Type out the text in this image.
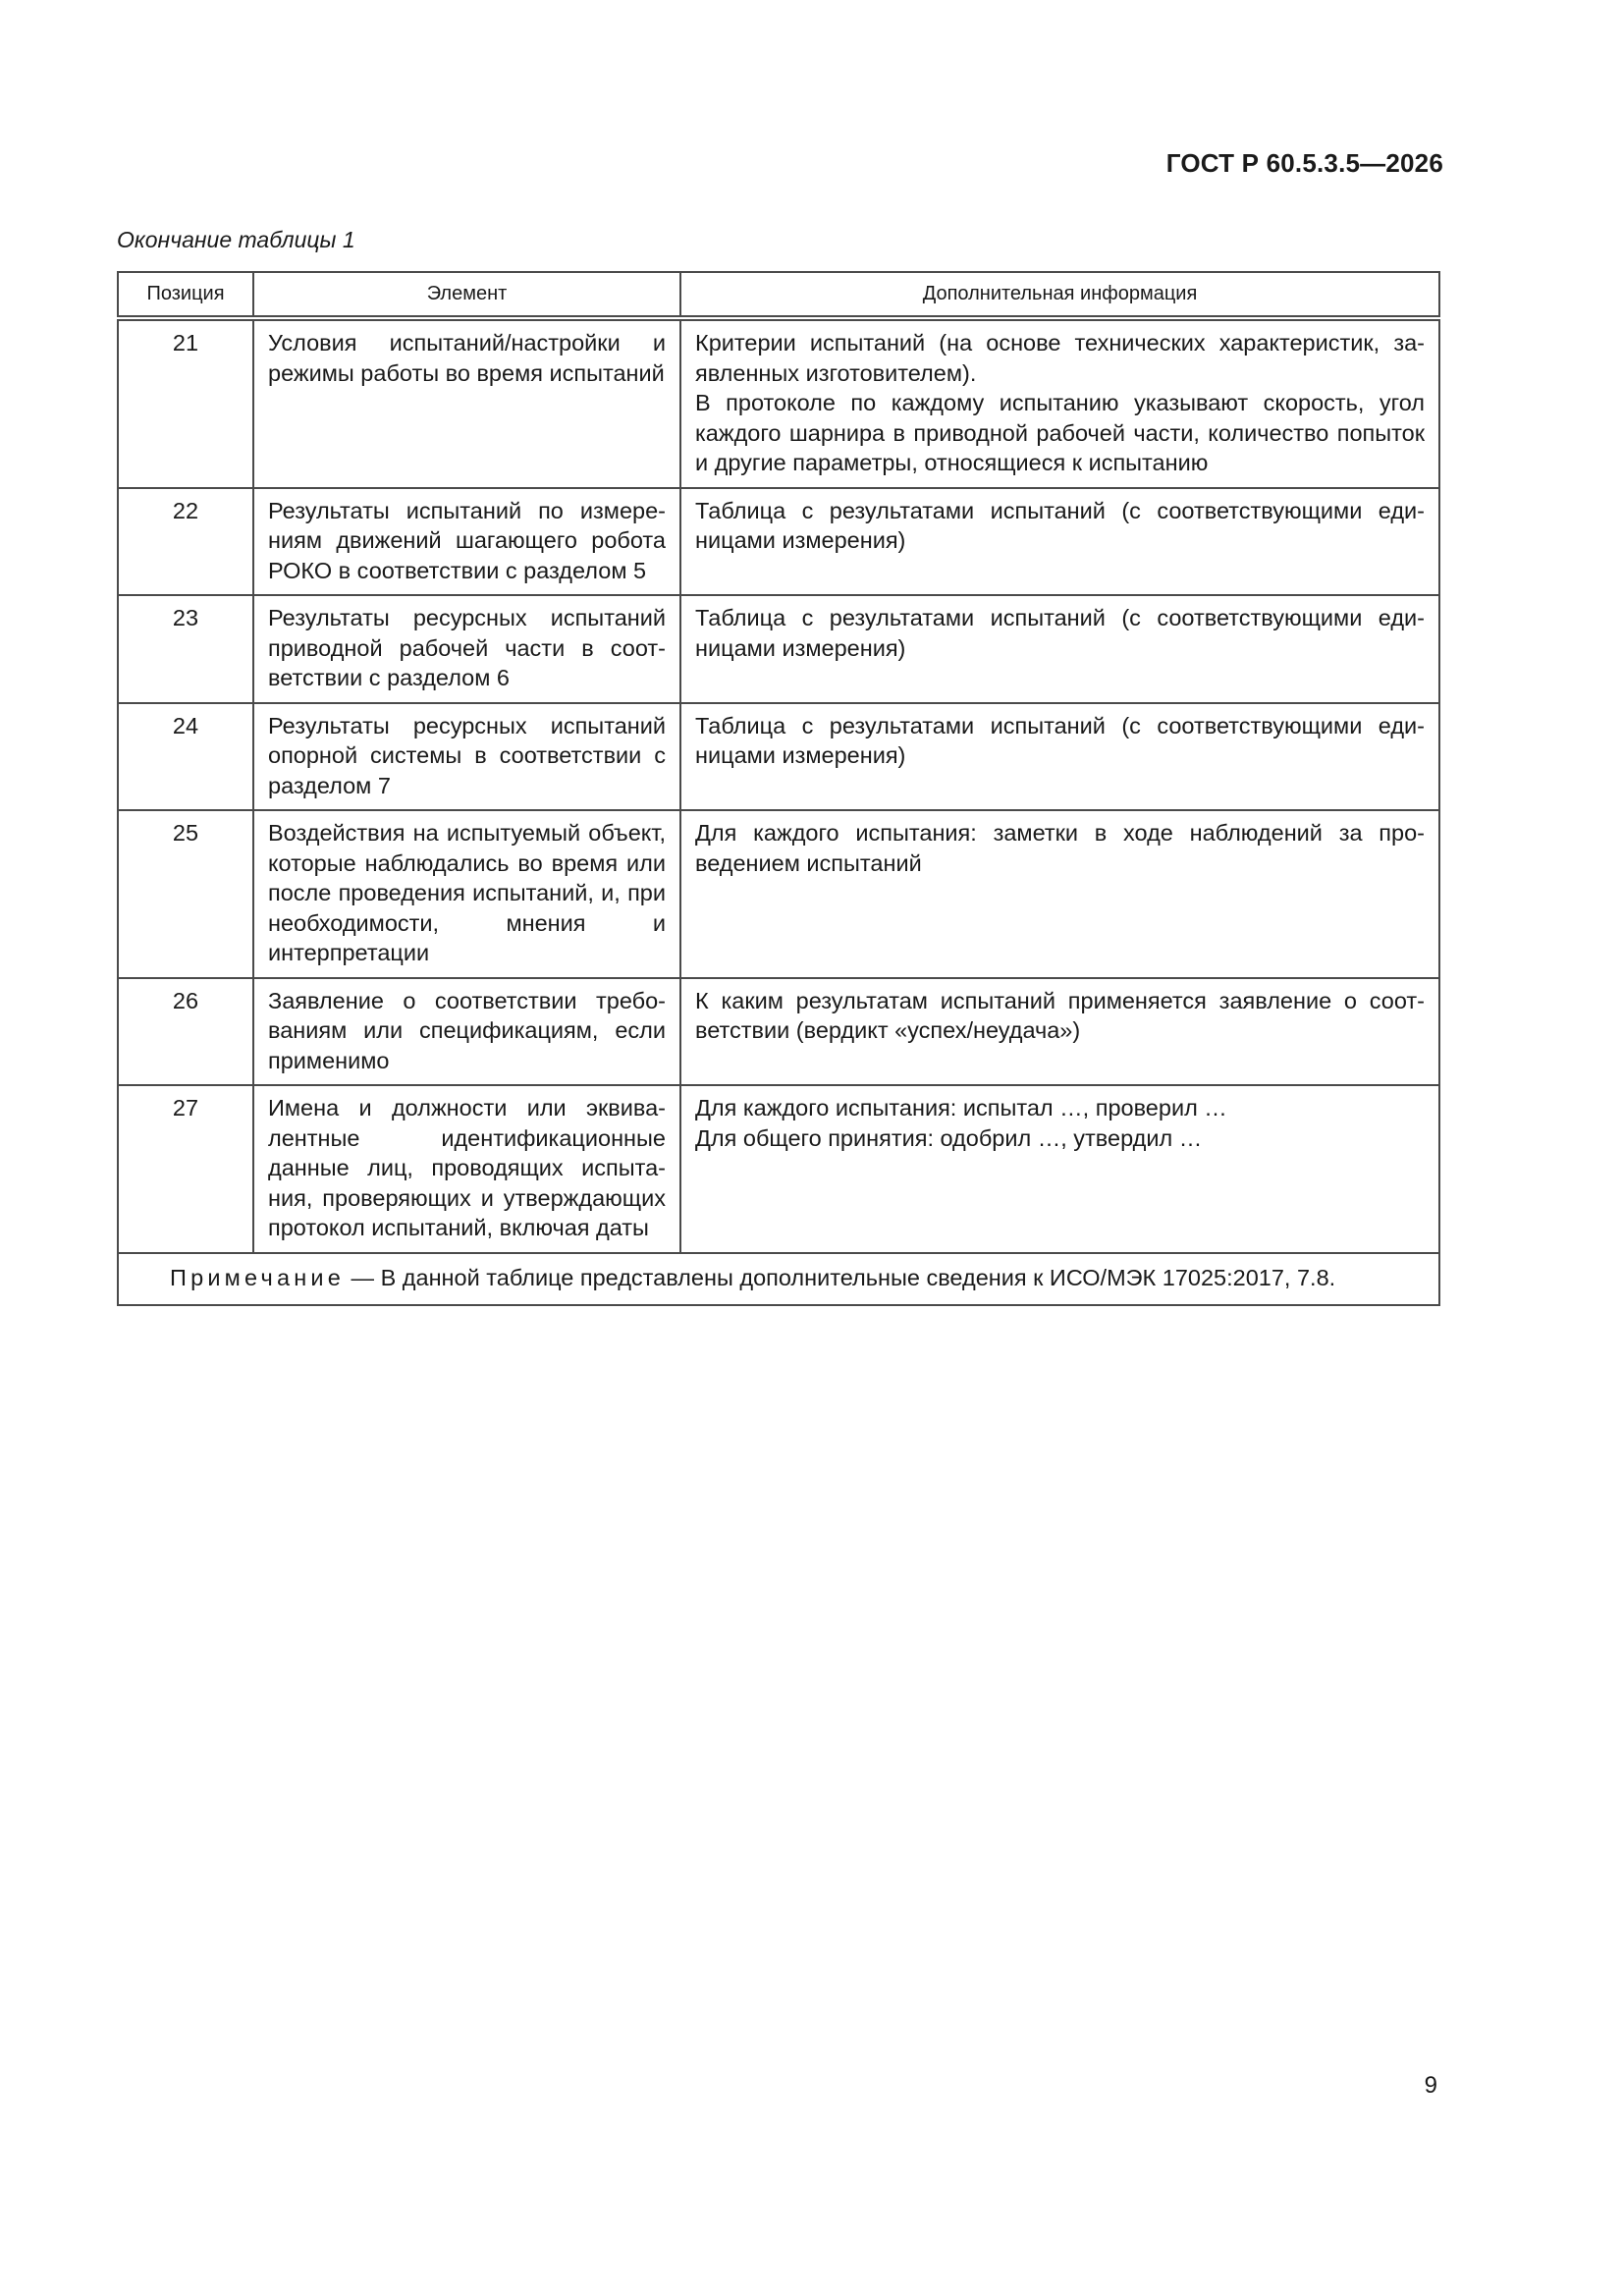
ГОСТ Р 60.5.3.5—2026
Окончание таблицы 1
Позиция	Элемент	Дополнительная информация
21	Условия испытаний/настройки и режимы работы во время испытаний	Критерии испытаний (на основе технических характеристик, заявленных изготовителем).
В протоколе по каждому испытанию указывают скорость, угол каждого шарнира в приводной рабочей части, количество попыток и другие параметры, относящиеся к испытанию

22	Результаты испытаний по измерениям движений шагающего робота РОКО в соответствии с разделом 5	Таблица с результатами испытаний (с соответствующими единицами измерения)

23	Результаты ресурсных испытаний приводной рабочей части в соответствии с разделом 6	Таблица с результатами испытаний (с соответствующими единицами измерения)

24	Результаты ресурсных испытаний опорной системы в соответствии с разделом 7	Таблица с результатами испытаний (с соответствующими единицами измерения)

25	Воздействия на испытуемый объект, которые наблюдались во время или после проведения испытаний, и, при необходимости, мнения и интерпретации	Для каждого испытания: заметки в ходе наблюдений за проведением испытаний

26	Заявление о соответствии требованиям или спецификациям, если применимо	К каким результатам испытаний применяется заявление о соответствии (вердикт «успех/неудача»)

27	Имена и должности или эквивалентные идентификационные данные лиц, проводящих испытания, проверяющих и утверждающих протокол испытаний, включая даты	Для каждого испытания: испытал …, проверил …
Для общего принятия: одобрил …, утвердил …

Примечание — В данной таблице представлены дополнительные сведения к ИСО/МЭК 17025:2017, 7.8.		
9
